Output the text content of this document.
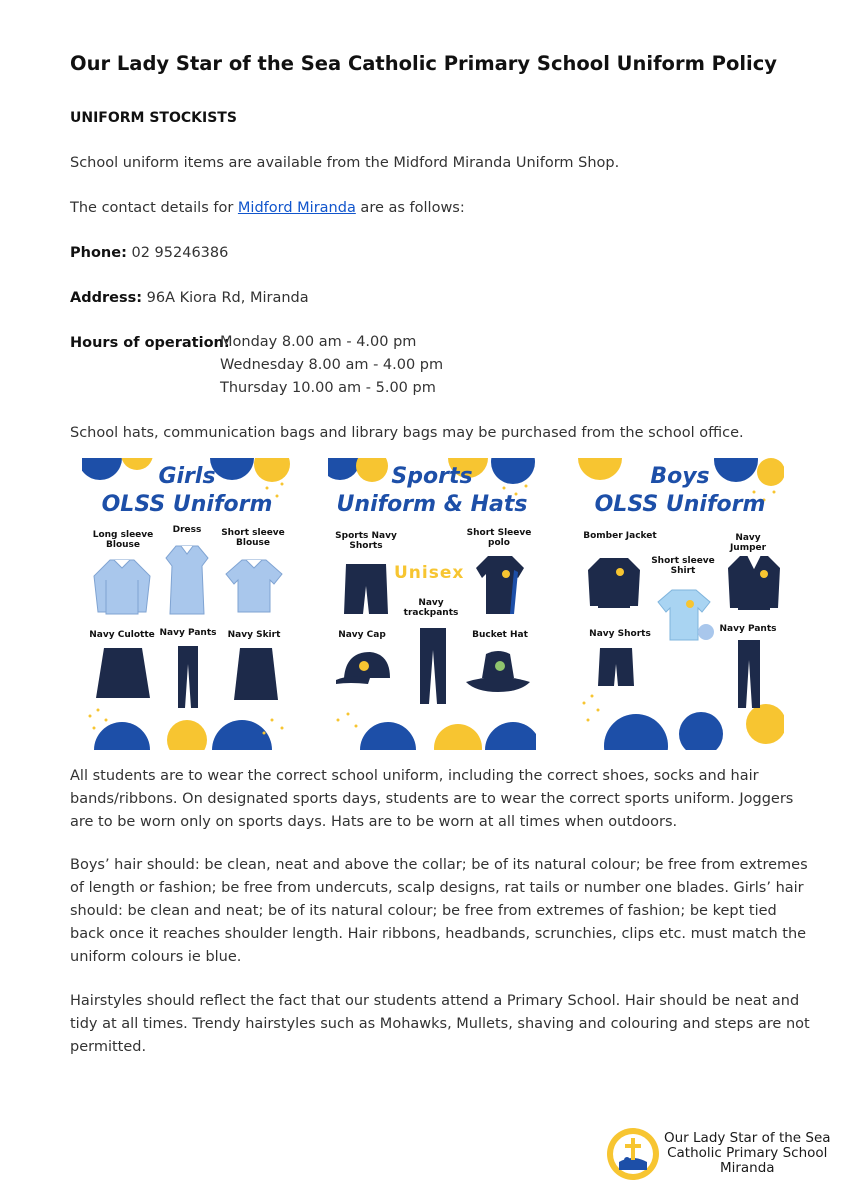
Our Lady Star of the Sea Catholic Primary School Uniform Policy
UNIFORM STOCKISTS
School uniform items are available from the Midford Miranda Uniform Shop.
The contact details for Midford Miranda are as follows:
Phone: 02 95246386
Address: 96A Kiora Rd, Miranda
Hours of operation:
Monday 8.00 am - 4.00 pm
Wednesday 8.00 am - 4.00 pm
Thursday 10.00 am - 5.00 pm
School hats, communication bags and library bags may be purchased from the school office.
Girls
OLSS Uniform
Long sleeve Blouse
Dress	Short sleeve Blouse
Navy Culotte Navy Pants	Navy Skirt
Sports
Uniform & Hats
Sports Navy Shorts
Short Sleeve polo
Unisex
Navy trackpants
Navy Cap	Bucket Hat
Boys
OLSS Uniform
Bomber Jacket	Navy Jumper
Short sleeve Shirt
Navy Shorts	Navy Pants
All students are to wear the correct school uniform, including the correct shoes, socks and hair bands/ribbons. On designated sports days, students are to wear the correct sports uniform. Joggers are to be worn only on sports days. Hats are to be worn at all times when outdoors.
Boys’ hair should: be clean, neat and above the collar; be of its natural colour; be free from extremes of length or fashion; be free from undercuts, scalp designs, rat tails or number one blades. Girls’ hair should: be clean and neat; be of its natural colour; be free from extremes of fashion; be kept tied back once it reaches shoulder length. Hair ribbons, headbands, scrunchies, clips etc. must match the uniform colours ie blue.
Hairstyles should reflect the fact that our students attend a Primary School. Hair should be neat and tidy at all times. Trendy hairstyles such as Mohawks, Mullets, shaving and colouring and steps are not permitted.
Our Lady Star of the Sea
Catholic Primary School
Miranda
